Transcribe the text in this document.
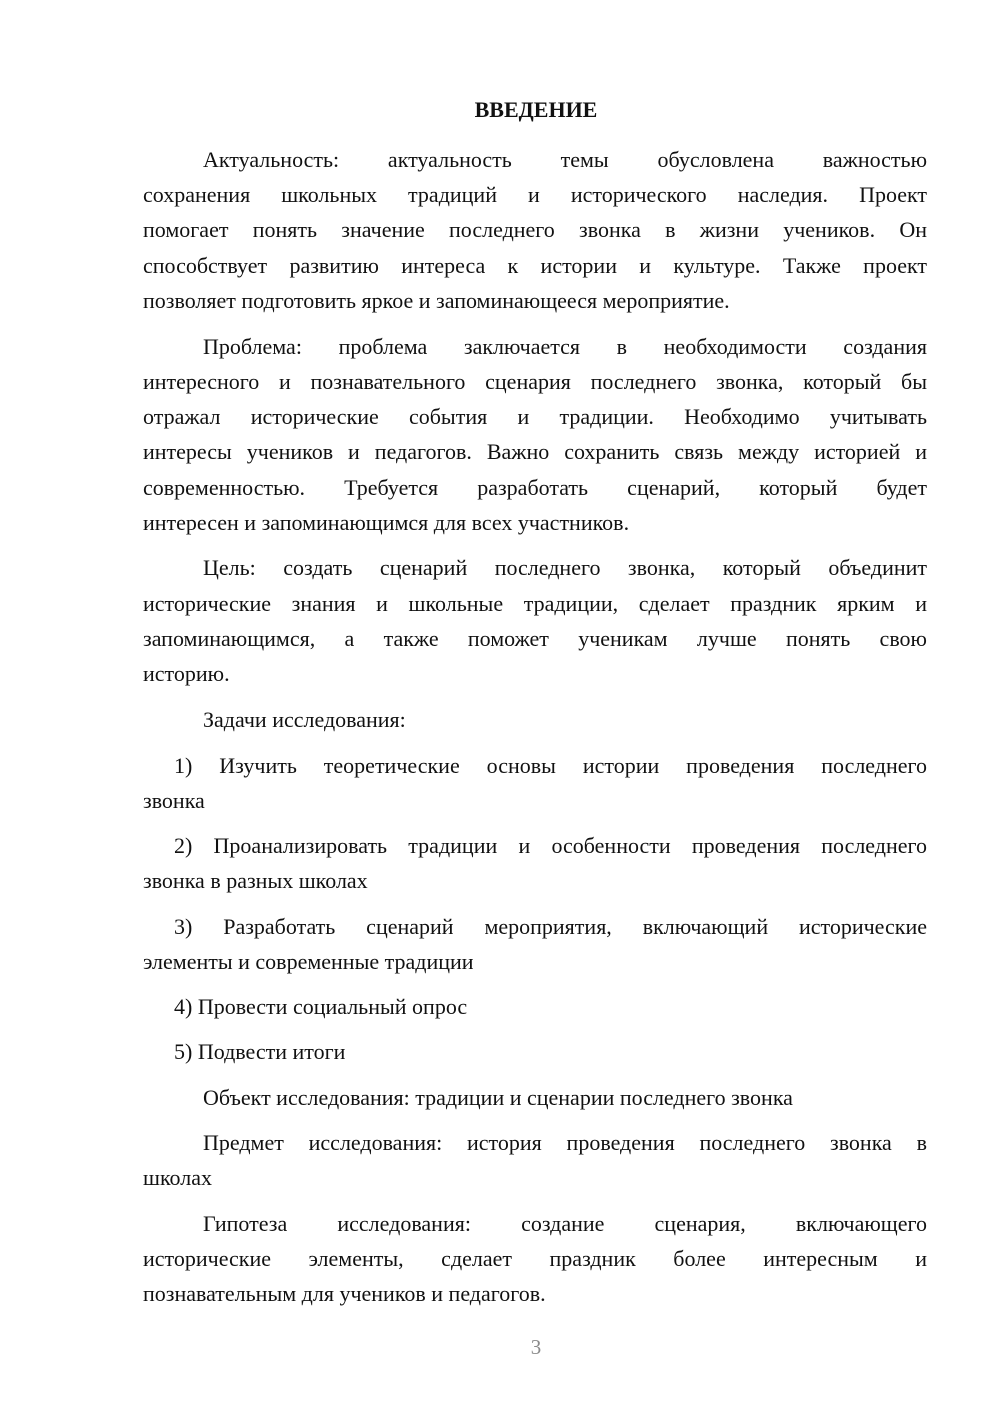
ВВЕДЕНИЕ
Актуальность: актуальность темы обусловлена важностью
сохранения школьных традиций и исторического наследия. Проект
помогает понять значение последнего звонка в жизни учеников. Он
способствует развитию интереса к истории и культуре. Также проект
позволяет подготовить яркое и запоминающееся мероприятие.
Проблема: проблема заключается в необходимости создания
интересного и познавательного сценария последнего звонка, который бы
отражал исторические события и традиции. Необходимо учитывать
интересы учеников и педагогов. Важно сохранить связь между историей и
современностью. Требуется разработать сценарий, который будет
интересен и запоминающимся для всех участников.
Цель: создать сценарий последнего звонка, который объединит
исторические знания и школьные традиции, сделает праздник ярким и
запоминающимся, а также поможет ученикам лучше понять свою
историю.
Задачи исследования:
1) Изучить теоретические основы истории проведения последнего
звонка
2) Проанализировать традиции и особенности проведения последнего
звонка в разных школах
3) Разработать сценарий мероприятия, включающий исторические
элементы и современные традиции
4) Провести социальный опрос
5) Подвести итоги
Объект исследования: традиции и сценарии последнего звонка
Предмет исследования: история проведения последнего звонка в
школах
Гипотеза исследования: создание сценария, включающего
исторические элементы, сделает праздник более интересным и
познавательным для учеников и педагогов.
3
